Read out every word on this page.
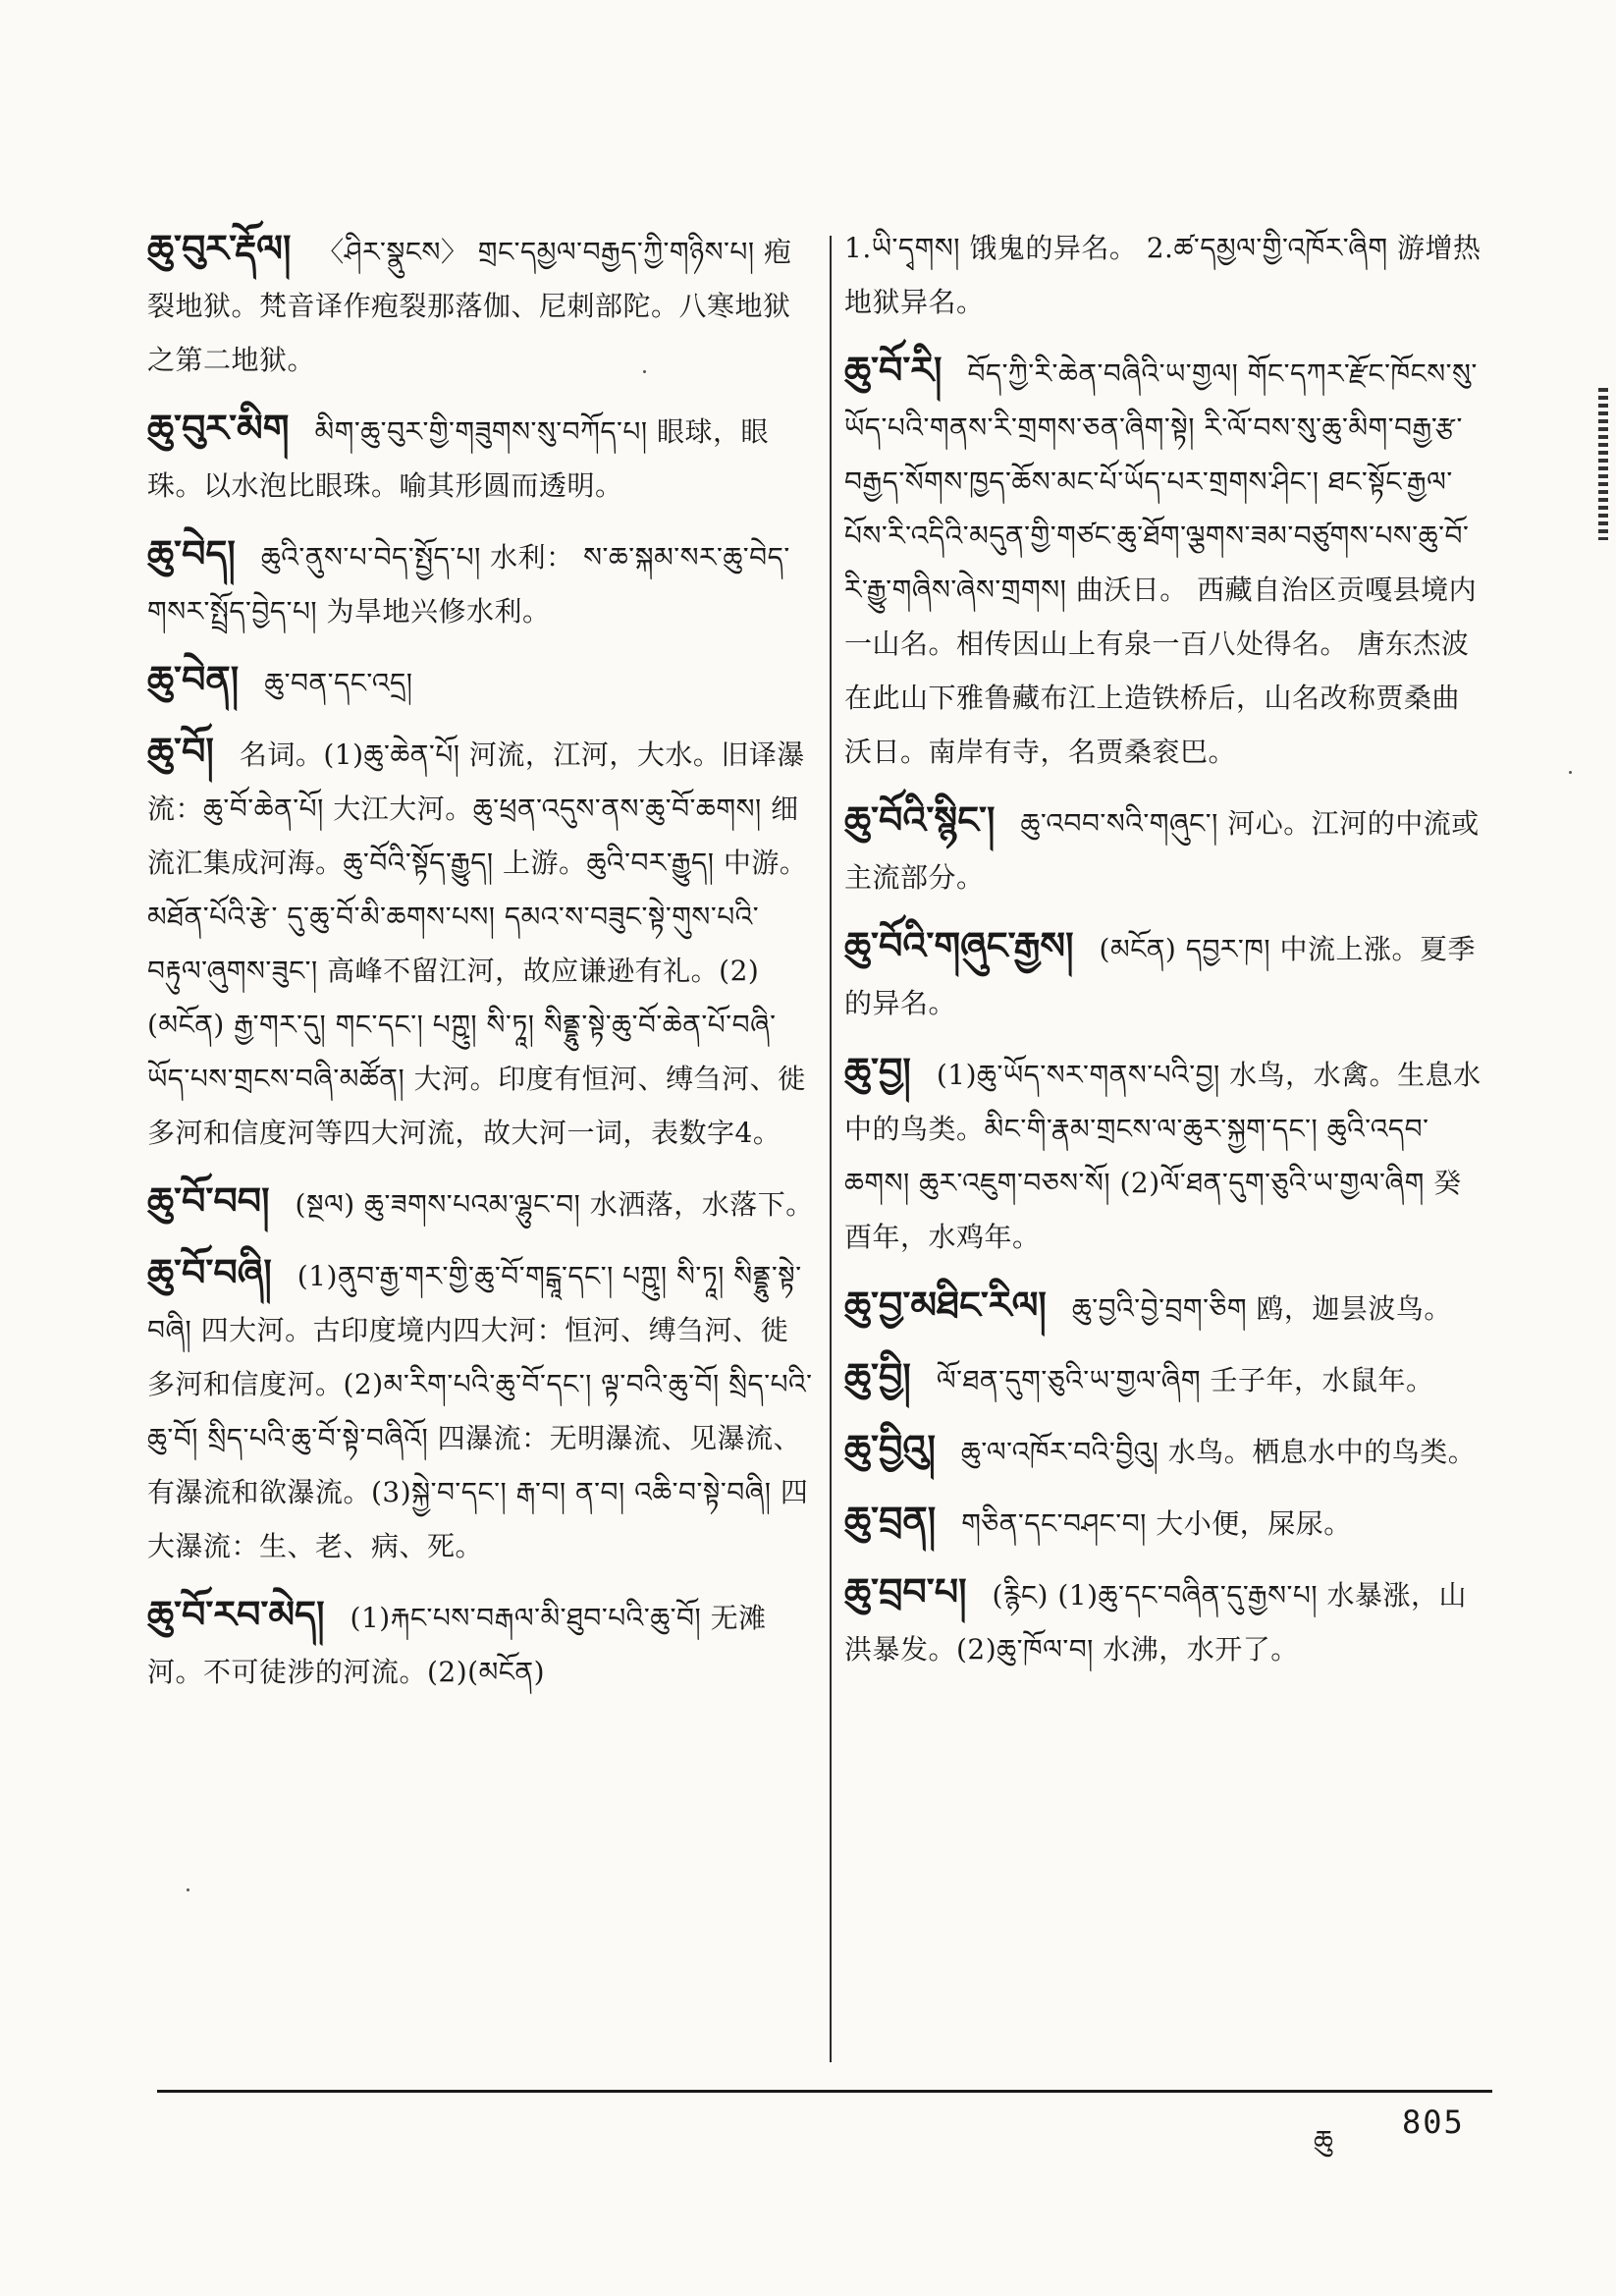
ཆུ་བུར་རྡོལ། 〈ཤིར་སྣུངས〉 གྲང་དམྱལ་བརྒྱད་ཀྱི་གཉིས་པ། 疱裂地狱。梵音译作疱裂那落伽、尼刺部陀。八寒地狱之第二地狱。
ཆུ་བུར་མིག མིག་ཆུ་བུར་གྱི་གཟུགས་སུ་བཀོད་པ། 眼球，眼珠。以水泡比眼珠。喻其形圆而透明。
ཆུ་བེད། ཆུའི་ནུས་པ་བེད་སྤྱོད་པ། 水利： ས་ཆ་སྐམ་སར་ཆུ་བེད་གསར་སྤྲོད་བྱེད་པ། 为旱地兴修水利。
ཆུ་བེན། ཆུ་བན་དང་འདྲ།
ཆུ་བོ། 名词。(1)ཆུ་ཆེན་པོ། 河流，江河，大水。旧译瀑流：ཆུ་བོ་ཆེན་པོ། 大江大河。ཆུ་ཕྲན་འདུས་ནས་ཆུ་བོ་ཆགས། 细流汇集成河海。ཆུ་བོའི་སྟོད་རྒྱུད། 上游。ཆུའི་བར་རྒྱུད། 中游。མཐོན་པོའི་རྩེ་ དུ་ཆུ་བོ་མི་ཆགས་པས། དམའ་ས་བཟུང་སྟེ་གུས་པའི་བརྟུལ་ཞུགས་ཟུང་། 高峰不留江河，故应谦逊有礼。(2)(མངོན) རྒྱ་གར་དུ། གང་དང་། པཀྵུ། སི་ཏཱ། སིནྡྷུ་སྟེ་ཆུ་བོ་ཆེན་པོ་བཞི་ཡོད་པས་གྲངས་བཞི་མཚོན། 大河。印度有恒河、缚刍河、徙多河和信度河等四大河流，故大河一词，表数字4。
ཆུ་བོ་བབ། (སྔལ) ཆུ་ཟགས་པའམ་ལྷུང་བ། 水洒落，水落下。
ཆུ་བོ་བཞི། (1)ནུབ་རྒྱ་གར་གྱི་ཆུ་བོ་གངྒཱ་དང་། པཀྵུ། སི་ཏཱ། སིནྡྷུ་སྟེ་བཞི། 四大河。古印度境内四大河：恒河、缚刍河、徙多河和信度河。(2)མ་རིག་པའི་ཆུ་བོ་དང་། ལྟ་བའི་ཆུ་བོ། སྲིད་པའི་ཆུ་བོ། སྲིད་པའི་ཆུ་བོ་སྟེ་བཞིའོ། 四瀑流：无明瀑流、见瀑流、有瀑流和欲瀑流。(3)སྐྱེ་བ་དང་། རྒ་བ། ན་བ། འཆི་བ་སྟེ་བཞི། 四大瀑流：生、老、病、死。
ཆུ་བོ་རབ་མེད། (1)རྐང་པས་བརྒལ་མི་ཐུབ་པའི་ཆུ་བོ། 无滩河。不可徒涉的河流。(2)(མངོན)
1.ཡི་དྭགས། 饿鬼的异名。 2.ཚ་དམྱལ་གྱི་འཁོར་ཞིག 游增热地狱异名。
ཆུ་བོ་རི། བོད་ཀྱི་རི་ཆེན་བཞིའི་ཡ་གྱལ། གོང་དཀར་རྫོང་ཁོངས་སུ་ཡོད་པའི་གནས་རི་གྲགས་ཅན་ཞིག་སྟེ། རི་ལོ་བས་སུ་ཆུ་མིག་བརྒྱ་རྩ་བརྒྱད་སོགས་ཁྱད་ཆོས་མང་པོ་ཡོད་པར་གྲགས་ཤིང་། ཐང་སྟོང་རྒྱལ་པོས་རི་འདིའི་མདུན་གྱི་གཙང་ཆུ་ཐོག་ལྕགས་ཟམ་བཙུགས་པས་ཆུ་བོ་རི་རྒྱུ་གཞིས་ཞེས་གྲགས། 曲沃日。 西藏自治区贡嘎县境内一山名。相传因山上有泉一百八处得名。 唐东杰波在此山下雅鲁藏布江上造铁桥后，山名改称贾桑曲沃日。南岸有寺，名贾桑衮巴。
ཆུ་བོའི་སྙིང་། ཆུ་འབབ་སའི་གཞུང་། 河心。江河的中流或主流部分。
ཆུ་བོའི་གཞུང་རྒྱས། (མངོན) དབྱར་ཁ། 中流上涨。夏季的异名。
ཆུ་བྱ། (1)ཆུ་ཡོད་སར་གནས་པའི་བྱ། 水鸟，水禽。生息水中的鸟类。མིང་གི་རྣམ་གྲངས་ལ་ཆུར་སྐྱག་དང་། ཆུའི་འདབ་ཆགས། ཆུར་འཇུག་བཅས་སོ། (2)ལོ་ཐན་དུག་ཅུའི་ཡ་གྱལ་ཞིག 癸酉年，水鸡年。
ཆུ་བྱ་མཐིང་རིལ། ཆུ་བྱའི་བྱེ་བྲག་ཅིག 鸥，迦昙波鸟。
ཆུ་བྱི། ལོ་ཐན་དུག་ཅུའི་ཡ་གྱལ་ཞིག 壬子年，水鼠年。
ཆུ་བྱིའུ། ཆུ་ལ་འཁོར་བའི་བྱིའུ། 水鸟。栖息水中的鸟类。
ཆུ་བྲན། གཅིན་དང་བཤང་བ། 大小便，屎尿。
ཆུ་བྲབ་པ། (རྙིང) (1)ཆུ་དང་བཞིན་དུ་རྒྱས་པ། 水暴涨，山洪暴发。(2)ཆུ་ཁོལ་བ། 水沸，水开了。
ཆུ 805
